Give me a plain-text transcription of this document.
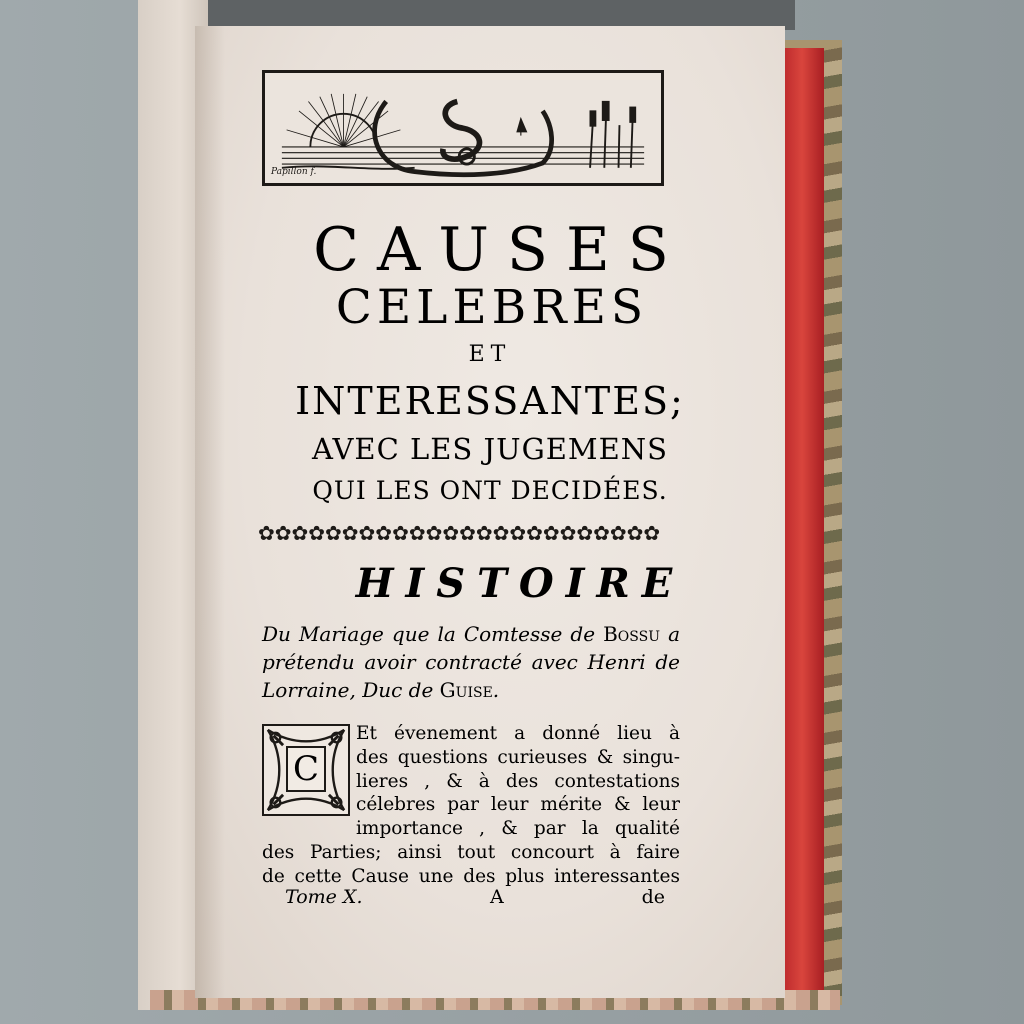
Papillon f.
CAUSES
CELEBRES
ET
INTERESSANTES;
AVEC LES JUGEMENS
QUI LES ONT DECIDÉES.
✿✿✿✿✿✿✿✿✿✿✿✿✿✿✿✿✿✿✿✿✿✿✿✿
HISTOIRE
Du Mariage que la Comtesse de Bossu a prétendu avoir contracté avec Henri de Lorraine, Duc de Guise.
C
Et évenement a donné lieu à
des questions curieuses & singu-
lieres , & à des contestations
célebres par leur mérite & leur
importance , & par la qualité
des Parties; ainsi tout concourt à faire
de cette Cause une des plus interessantes
Tome X.	A	de
